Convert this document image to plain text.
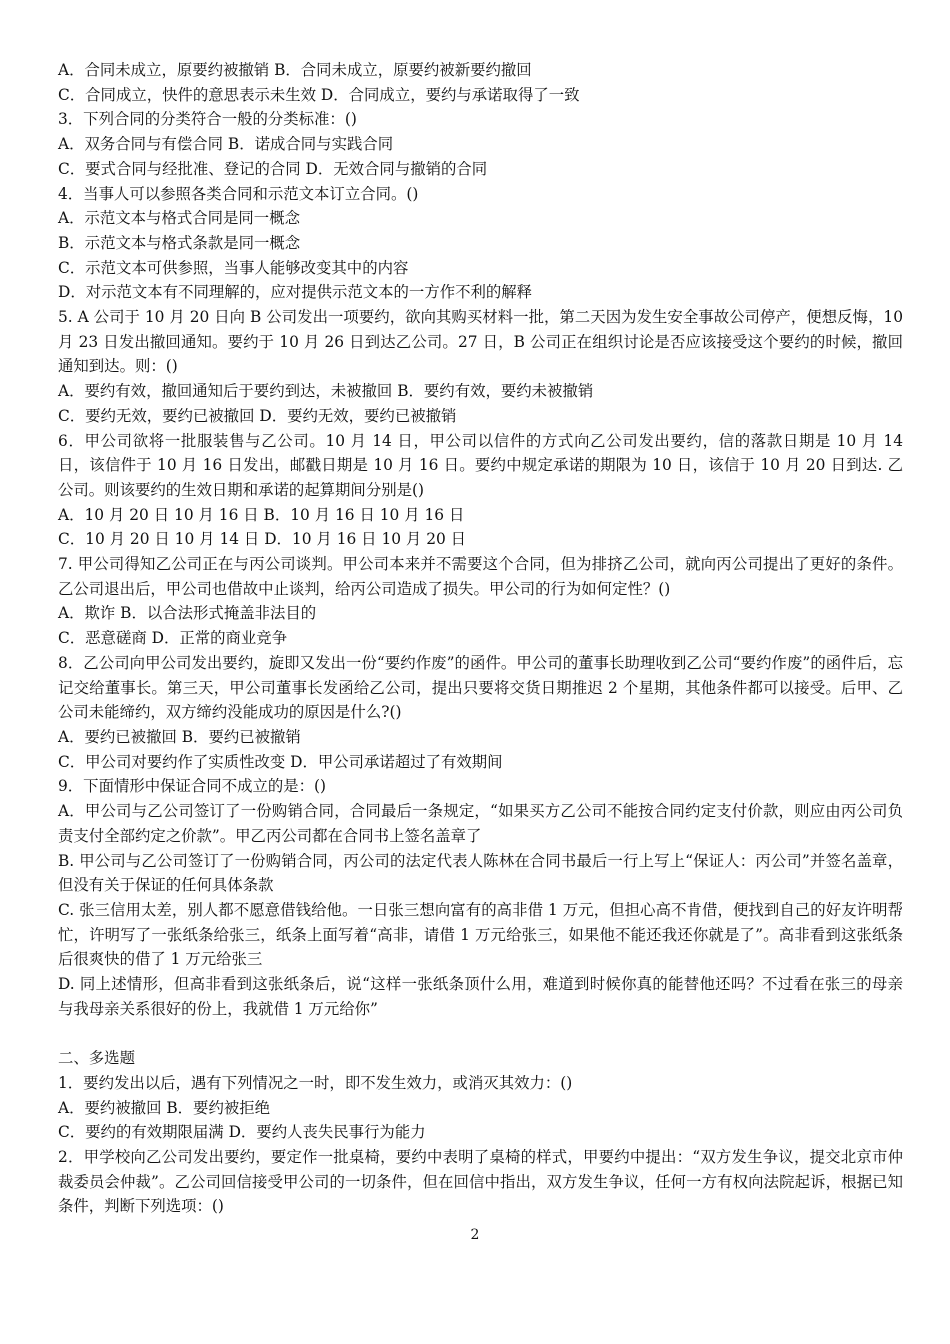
A．合同未成立，原要约被撤销 B．合同未成立，原要约被新要约撤回
C．合同成立，快件的意思表示未生效 D．合同成立，要约与承诺取得了一致
3．下列合同的分类符合一般的分类标准：()
A．双务合同与有偿合同 B．诺成合同与实践合同
C．要式合同与经批准、登记的合同 D．无效合同与撤销的合同
4．当事人可以参照各类合同和示范文本订立合同。()
A．示范文本与格式合同是同一概念
B．示范文本与格式条款是同一概念
C．示范文本可供参照，当事人能够改变其中的内容
D．对示范文本有不同理解的，应对提供示范文本的一方作不利的解释
5. A 公司于 10 月 20 日向 B 公司发出一项要约，欲向其购买材料一批，第二天因为发生安全事故公司停产，便想反悔，10 月 23 日发出撤回通知。要约于 10 月 26 日到达乙公司。27 日，B 公司正在组织讨论是否应该接受这个要约的时候，撤回通知到达。则：()
A．要约有效，撤回通知后于要约到达，未被撤回 B．要约有效，要约未被撤销
C．要约无效，要约已被撤回 D．要约无效，要约已被撤销
6．甲公司欲将一批服装售与乙公司。10 月 14 日，甲公司以信件的方式向乙公司发出要约，信的落款日期是 10 月 14 日，该信件于 10 月 16 日发出，邮戳日期是 10 月 16 日。要约中规定承诺的期限为 10 日，该信于 10 月 20 日到达. 乙公司。则该要约的生效日期和承诺的起算期间分别是()
A．10 月 20 日 10 月 16 日 B．10 月 16 日 10 月 16 日
C．10 月 20 日 10 月 14 日 D．10 月 16 日 10 月 20 日
7. 甲公司得知乙公司正在与丙公司谈判。甲公司本来并不需要这个合同，但为排挤乙公司，就向丙公司提出了更好的条件。乙公司退出后，甲公司也借故中止谈判，给丙公司造成了损失。甲公司的行为如何定性？()
A．欺诈 B．以合法形式掩盖非法目的
C．恶意磋商 D．正常的商业竞争
8．乙公司向甲公司发出要约，旋即又发出一份“要约作废”的函件。甲公司的董事长助理收到乙公司“要约作废”的函件后，忘记交给董事长。第三天，甲公司董事长发函给乙公司，提出只要将交货日期推迟 2 个星期，其他条件都可以接受。后甲、乙公司未能缔约，双方缔约没能成功的原因是什么?()
A．要约已被撤回 B．要约已被撤销
C．甲公司对要约作了实质性改变 D．甲公司承诺超过了有效期间
9．下面情形中保证合同不成立的是：()
A．甲公司与乙公司签订了一份购销合同，合同最后一条规定，“如果买方乙公司不能按合同约定支付价款，则应由丙公司负责支付全部约定之价款”。甲乙丙公司都在合同书上签名盖章了
B. 甲公司与乙公司签订了一份购销合同，丙公司的法定代表人陈林在合同书最后一行上写上“保证人：丙公司”并签名盖章，但没有关于保证的任何具体条款
C. 张三信用太差，别人都不愿意借钱给他。一日张三想向富有的高非借 1 万元，但担心高不肯借，便找到自己的好友许明帮忙，许明写了一张纸条给张三，纸条上面写着“高非，请借 1 万元给张三，如果他不能还我还你就是了”。高非看到这张纸条后很爽快的借了 1 万元给张三
D. 同上述情形，但高非看到这张纸条后，说“这样一张纸条顶什么用，难道到时候你真的能替他还吗？不过看在张三的母亲与我母亲关系很好的份上，我就借 1 万元给你”
二、多选题
1．要约发出以后，遇有下列情况之一时，即不发生效力，或消灭其效力：()
A．要约被撤回 B．要约被拒绝
C．要约的有效期限届满 D．要约人丧失民事行为能力
2．甲学校向乙公司发出要约，要定作一批桌椅，要约中表明了桌椅的样式，甲要约中提出：“双方发生争议，提交北京市仲裁委员会仲裁”。乙公司回信接受甲公司的一切条件，但在回信中指出，双方发生争议，任何一方有权向法院起诉，根据已知条件，判断下列选项：()
2
